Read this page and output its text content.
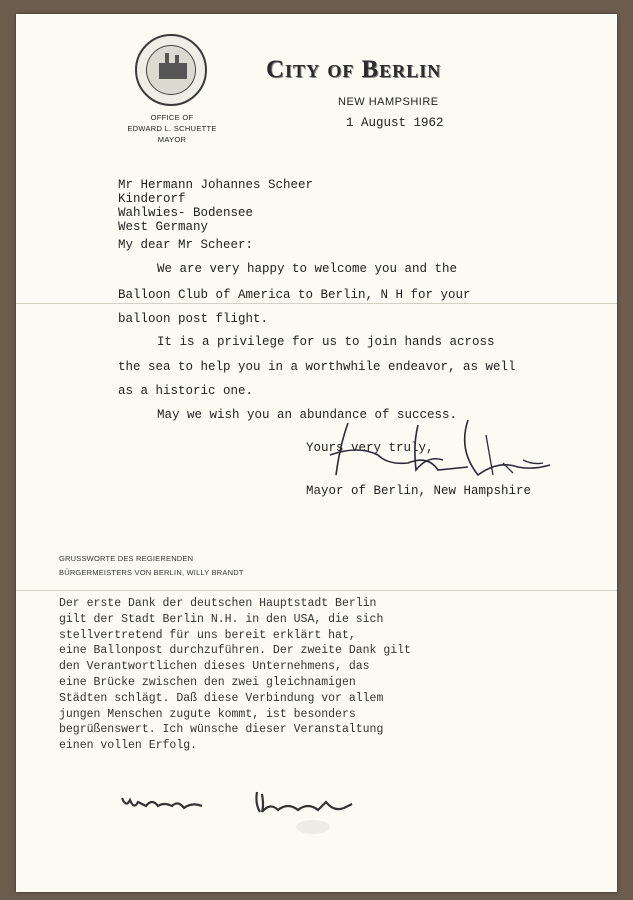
OFFICE OF
EDWARD L. SCHUETTE
MAYOR
City of Berlin
NEW HAMPSHIRE
1 August 1962
Mr Hermann Johannes Scheer
Kinderorf
Wahlwies- Bodensee
West Germany
My dear Mr Scheer:
We are very happy to welcome you and the
Balloon Club of America to Berlin, N H for your
balloon post flight.
It is a privilege for us to join hands across
the sea to help you in a worthwhile endeavor, as well
as a historic one.
May we wish you an abundance of success.
Yours very truly,
Mayor of Berlin, New Hampshire
GRUSSWORTE DES REGIERENDEN
BÜRGERMEISTERS VON BERLIN, WILLY BRANDT
Der erste Dank der deutschen Hauptstadt Berlin
gilt der Stadt Berlin N.H. in den USA, die sich
stellvertretend für uns bereit erklärt hat,
eine Ballonpost durchzuführen. Der zweite Dank gilt
den Verantwortlichen dieses Unternehmens, das
eine Brücke zwischen den zwei gleichnamigen
Städten schlägt. Daß diese Verbindung vor allem
jungen Menschen zugute kommt, ist besonders
begrüßenswert. Ich wünsche dieser Veranstaltung
einen vollen Erfolg.
